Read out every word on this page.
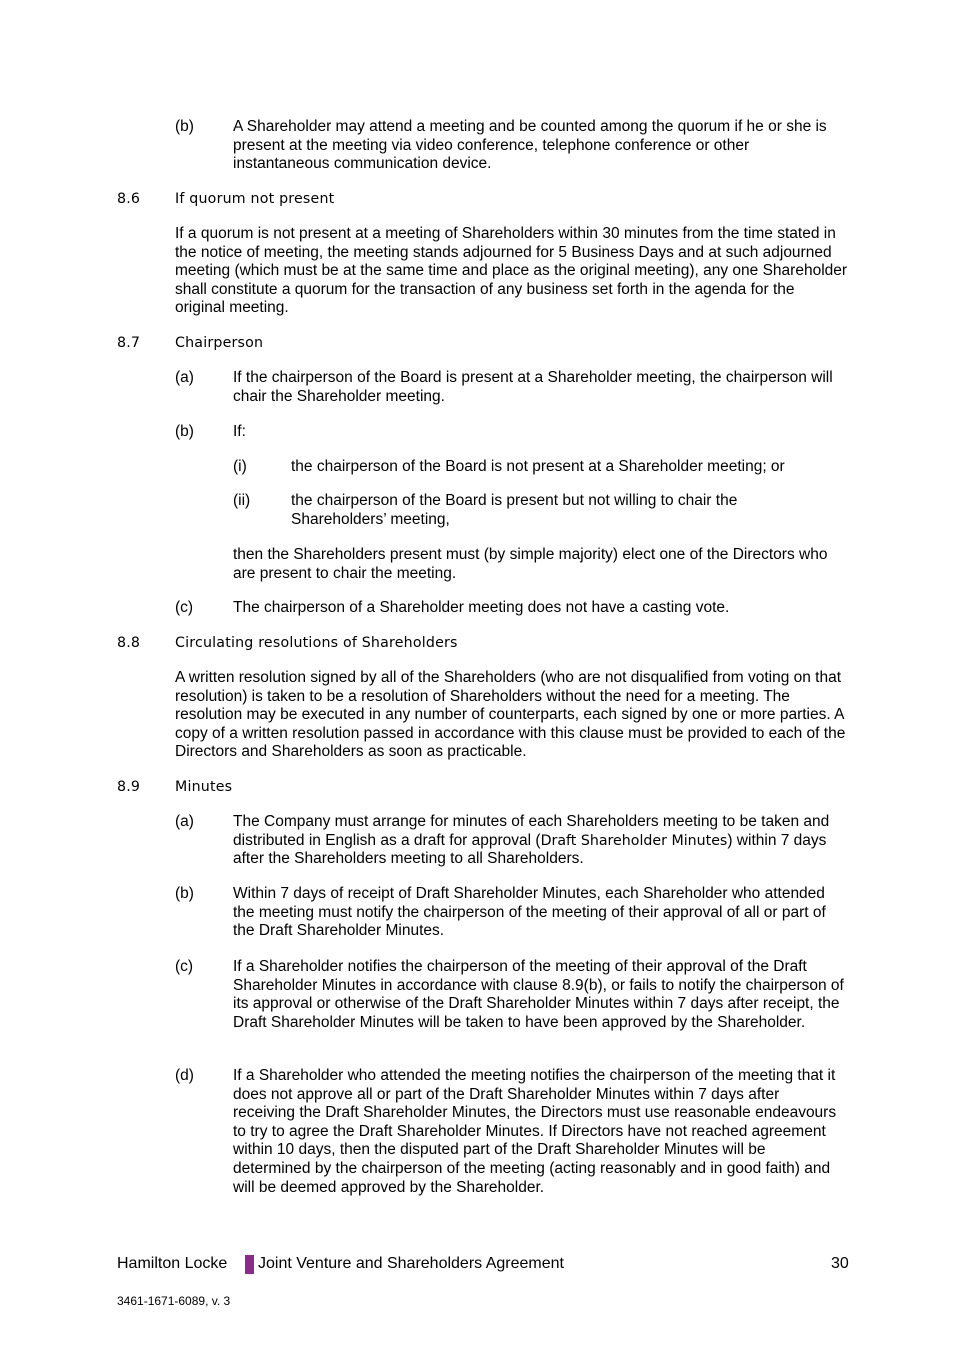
(b)	A Shareholder may attend a meeting and be counted among the quorum if he or she is present at the meeting via video conference, telephone conference or other instantaneous communication device.
8.6 If quorum not present
If a quorum is not present at a meeting of Shareholders within 30 minutes from the time stated in the notice of meeting, the meeting stands adjourned for 5 Business Days and at such adjourned meeting (which must be at the same time and place as the original meeting), any one Shareholder shall constitute a quorum for the transaction of any business set forth in the agenda for the original meeting.
8.7 Chairperson
(a)	If the chairperson of the Board is present at a Shareholder meeting, the chairperson will chair the Shareholder meeting.
(b)	If:
(i)	the chairperson of the Board is not present at a Shareholder meeting; or
(ii)	the chairperson of the Board is present but not willing to chair the Shareholders’ meeting,
then the Shareholders present must (by simple majority) elect one of the Directors who are present to chair the meeting.
(c)	The chairperson of a Shareholder meeting does not have a casting vote.
8.8 Circulating resolutions of Shareholders
A written resolution signed by all of the Shareholders (who are not disqualified from voting on that resolution) is taken to be a resolution of Shareholders without the need for a meeting. The resolution may be executed in any number of counterparts, each signed by one or more parties. A copy of a written resolution passed in accordance with this clause must be provided to each of the Directors and Shareholders as soon as practicable.
8.9 Minutes
(a)	The Company must arrange for minutes of each Shareholders meeting to be taken and distributed in English as a draft for approval (Draft Shareholder Minutes) within 7 days after the Shareholders meeting to all Shareholders.
(b)	Within 7 days of receipt of Draft Shareholder Minutes, each Shareholder who attended the meeting must notify the chairperson of the meeting of their approval of all or part of the Draft Shareholder Minutes.
(c)	If a Shareholder notifies the chairperson of the meeting of their approval of the Draft Shareholder Minutes in accordance with clause 8.9(b), or fails to notify the chairperson of its approval or otherwise of the Draft Shareholder Minutes within 7 days after receipt, the Draft Shareholder Minutes will be taken to have been approved by the Shareholder.
(d)	If a Shareholder who attended the meeting notifies the chairperson of the meeting that it does not approve all or part of the Draft Shareholder Minutes within 7 days after receiving the Draft Shareholder Minutes, the Directors must use reasonable endeavours to try to agree the Draft Shareholder Minutes. If Directors have not reached agreement within 10 days, then the disputed part of the Draft Shareholder Minutes will be determined by the chairperson of the meeting (acting reasonably and in good faith) and will be deemed approved by the Shareholder.
Hamilton Locke Joint Venture and Shareholders Agreement	30
3461-1671-6089, v. 3
